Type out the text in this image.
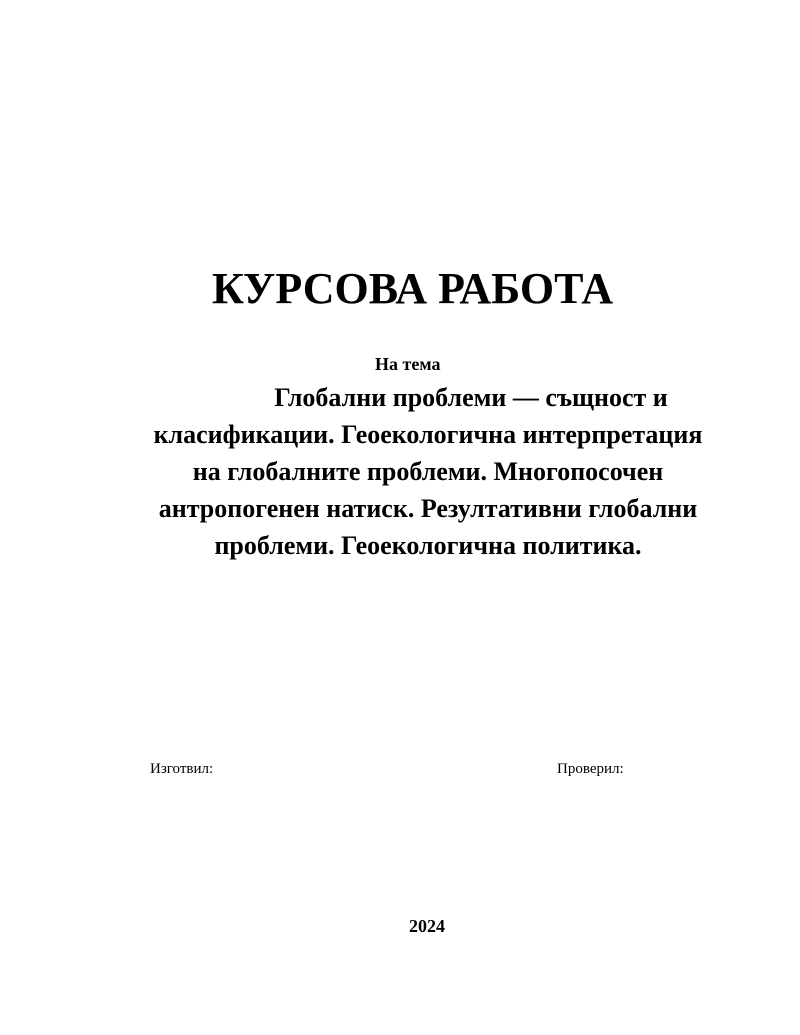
КУРСОВА РАБОТА

На тема

Глобални проблеми — същност и
класификации. Геоекологична интерпретация
на глобалните проблеми. Многопосочен
антропогенен натиск. Резултативни глобални
проблеми. Геоекологична политика.

Изготвил:	Проверил:

2024
